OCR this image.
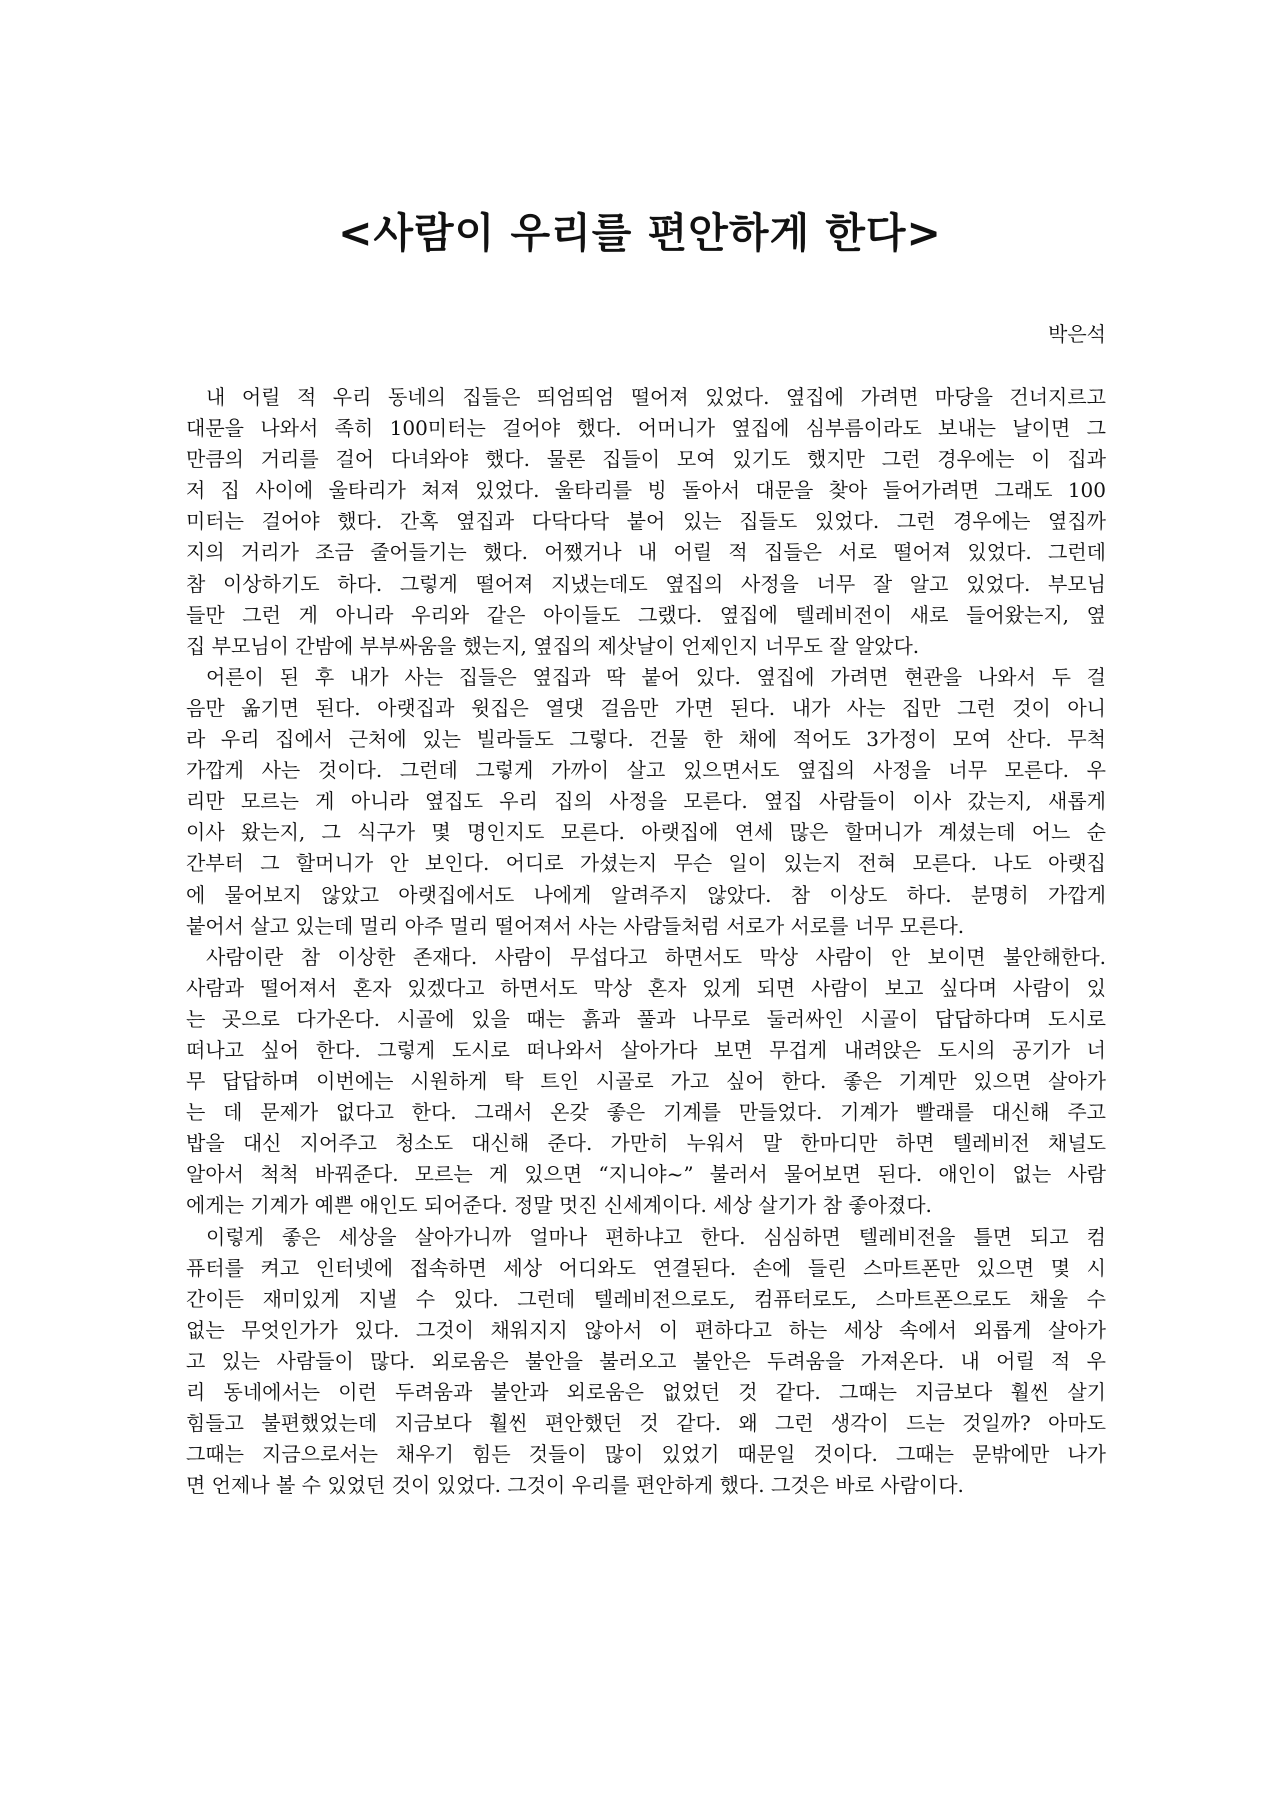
<사람이 우리를 편안하게 한다>
박은석
내 어릴 적 우리 동네의 집들은 띄엄띄엄 떨어져 있었다. 옆집에 가려면 마당을 건너지르고
대문을 나와서 족히 100미터는 걸어야 했다. 어머니가 옆집에 심부름이라도 보내는 날이면 그
만큼의 거리를 걸어 다녀와야 했다. 물론 집들이 모여 있기도 했지만 그런 경우에는 이 집과
저 집 사이에 울타리가 쳐져 있었다. 울타리를 빙 돌아서 대문을 찾아 들어가려면 그래도 100
미터는 걸어야 했다. 간혹 옆집과 다닥다닥 붙어 있는 집들도 있었다. 그런 경우에는 옆집까
지의 거리가 조금 줄어들기는 했다. 어쨌거나 내 어릴 적 집들은 서로 떨어져 있었다. 그런데
참 이상하기도 하다. 그렇게 떨어져 지냈는데도 옆집의 사정을 너무 잘 알고 있었다. 부모님
들만 그런 게 아니라 우리와 같은 아이들도 그랬다. 옆집에 텔레비전이 새로 들어왔는지, 옆
집 부모님이 간밤에 부부싸움을 했는지, 옆집의 제삿날이 언제인지 너무도 잘 알았다.
어른이 된 후 내가 사는 집들은 옆집과 딱 붙어 있다. 옆집에 가려면 현관을 나와서 두 걸
음만 옮기면 된다. 아랫집과 윗집은 열댓 걸음만 가면 된다. 내가 사는 집만 그런 것이 아니
라 우리 집에서 근처에 있는 빌라들도 그렇다. 건물 한 채에 적어도 3가정이 모여 산다. 무척
가깝게 사는 것이다. 그런데 그렇게 가까이 살고 있으면서도 옆집의 사정을 너무 모른다. 우
리만 모르는 게 아니라 옆집도 우리 집의 사정을 모른다. 옆집 사람들이 이사 갔는지, 새롭게
이사 왔는지, 그 식구가 몇 명인지도 모른다. 아랫집에 연세 많은 할머니가 계셨는데 어느 순
간부터 그 할머니가 안 보인다. 어디로 가셨는지 무슨 일이 있는지 전혀 모른다. 나도 아랫집
에 물어보지 않았고 아랫집에서도 나에게 알려주지 않았다. 참 이상도 하다. 분명히 가깝게
붙어서 살고 있는데 멀리 아주 멀리 떨어져서 사는 사람들처럼 서로가 서로를 너무 모른다.
사람이란 참 이상한 존재다. 사람이 무섭다고 하면서도 막상 사람이 안 보이면 불안해한다.
사람과 떨어져서 혼자 있겠다고 하면서도 막상 혼자 있게 되면 사람이 보고 싶다며 사람이 있
는 곳으로 다가온다. 시골에 있을 때는 흙과 풀과 나무로 둘러싸인 시골이 답답하다며 도시로
떠나고 싶어 한다. 그렇게 도시로 떠나와서 살아가다 보면 무겁게 내려앉은 도시의 공기가 너
무 답답하며 이번에는 시원하게 탁 트인 시골로 가고 싶어 한다. 좋은 기계만 있으면 살아가
는 데 문제가 없다고 한다. 그래서 온갖 좋은 기계를 만들었다. 기계가 빨래를 대신해 주고
밥을 대신 지어주고 청소도 대신해 준다. 가만히 누워서 말 한마디만 하면 텔레비전 채널도
알아서 척척 바꿔준다. 모르는 게 있으면 “지니야~” 불러서 물어보면 된다. 애인이 없는 사람
에게는 기계가 예쁜 애인도 되어준다. 정말 멋진 신세계이다. 세상 살기가 참 좋아졌다.
이렇게 좋은 세상을 살아가니까 얼마나 편하냐고 한다. 심심하면 텔레비전을 틀면 되고 컴
퓨터를 켜고 인터넷에 접속하면 세상 어디와도 연결된다. 손에 들린 스마트폰만 있으면 몇 시
간이든 재미있게 지낼 수 있다. 그런데 텔레비전으로도, 컴퓨터로도, 스마트폰으로도 채울 수
없는 무엇인가가 있다. 그것이 채워지지 않아서 이 편하다고 하는 세상 속에서 외롭게 살아가
고 있는 사람들이 많다. 외로움은 불안을 불러오고 불안은 두려움을 가져온다. 내 어릴 적 우
리 동네에서는 이런 두려움과 불안과 외로움은 없었던 것 같다. 그때는 지금보다 훨씬 살기
힘들고 불편했었는데 지금보다 훨씬 편안했던 것 같다. 왜 그런 생각이 드는 것일까? 아마도
그때는 지금으로서는 채우기 힘든 것들이 많이 있었기 때문일 것이다. 그때는 문밖에만 나가
면 언제나 볼 수 있었던 것이 있었다. 그것이 우리를 편안하게 했다. 그것은 바로 사람이다.
